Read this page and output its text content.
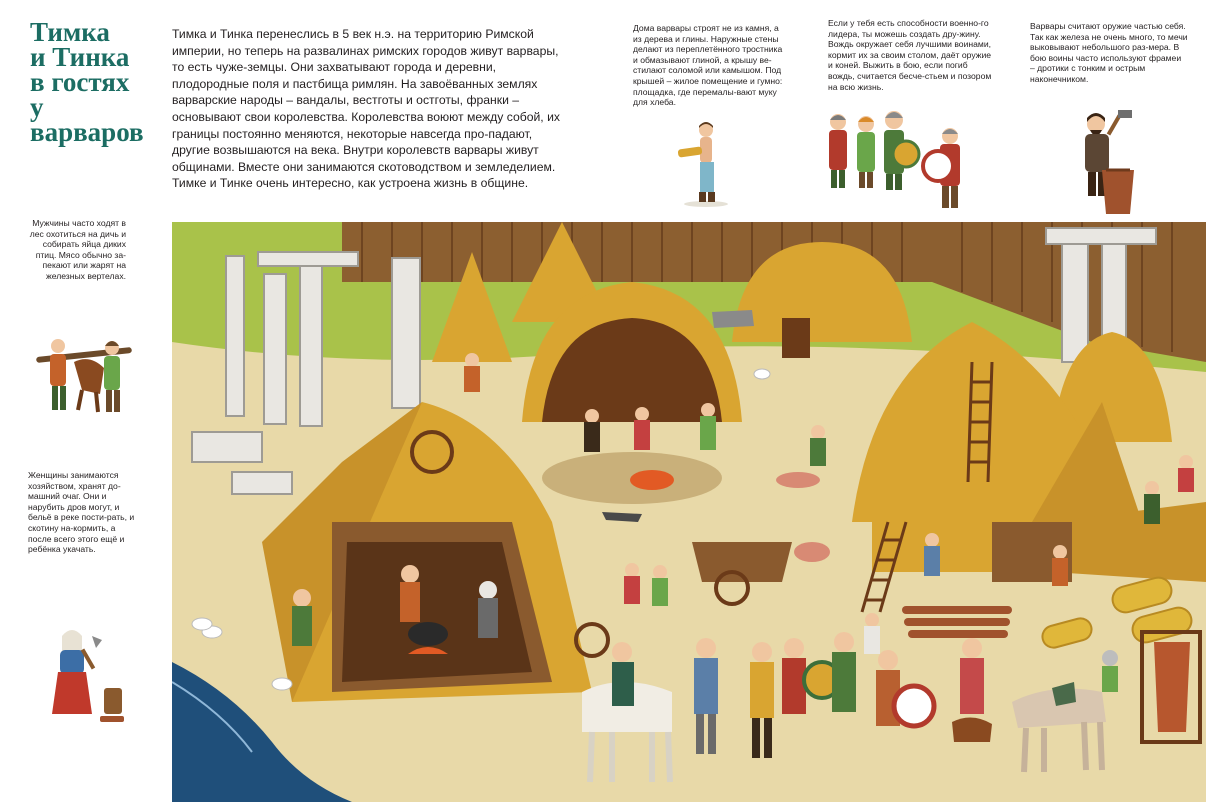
Тимка
и Тинка
в гостях
у варваров

Тимка и Тинка перенеслись в 5 век н.э. на территорию Римской империи, но теперь на развалинах римских городов живут варвары, то есть чуже-земцы. Они захватывают города и деревни, плодородные поля и пастбища римлян. На завоёванных землях варварские народы – вандалы, вестготы и остготы, франки – основывают свои королевства. Королевства воюют между собой, их границы постоянно меняются, некоторые навсегда про-падают, другие возвышаются на века. Внутри королевств варвары живут общинами. Вместе они занимаются скотоводством и земледелием. Тимке и Тинке очень интересно, как устроена жизнь в общине.

Дома варвары строят не из камня, а из дерева и глины. Наружные стены делают из переплетённого тростника и обмазывают глиной, а крышу ве-стилают соломой или камышом. Под крышей – жилое помещение и гумно: площадка, где перемалы-вают муку для хлеба.

Если у тебя есть способности военно-го лидера, ты можешь создать дру-жину. Вождь окружает себя лучшими воинами, кормит их за своим столом, даёт оружие и коней. Выжить в бою, если погиб вождь, считается бесче-стьем и позором на всю жизнь.

Варвары считают оружие частью себя. Так как железа не очень много, то мечи выковывают небольшого раз-мера. В бою воины часто используют фрамеи – дротики с тонким и острым наконечником.

Мужчины часто ходят в лес охотиться на дичь и собирать яйца диких птиц. Мясо обычно за-пекают или жарят на железных вертелах.

Женщины занимаются хозяйством, хранят до-машний очаг. Они и нарубить дров могут, и бельё в реке пости-рать, и скотину на-кормить, а после всего этого ещё и ребёнка укачать.
